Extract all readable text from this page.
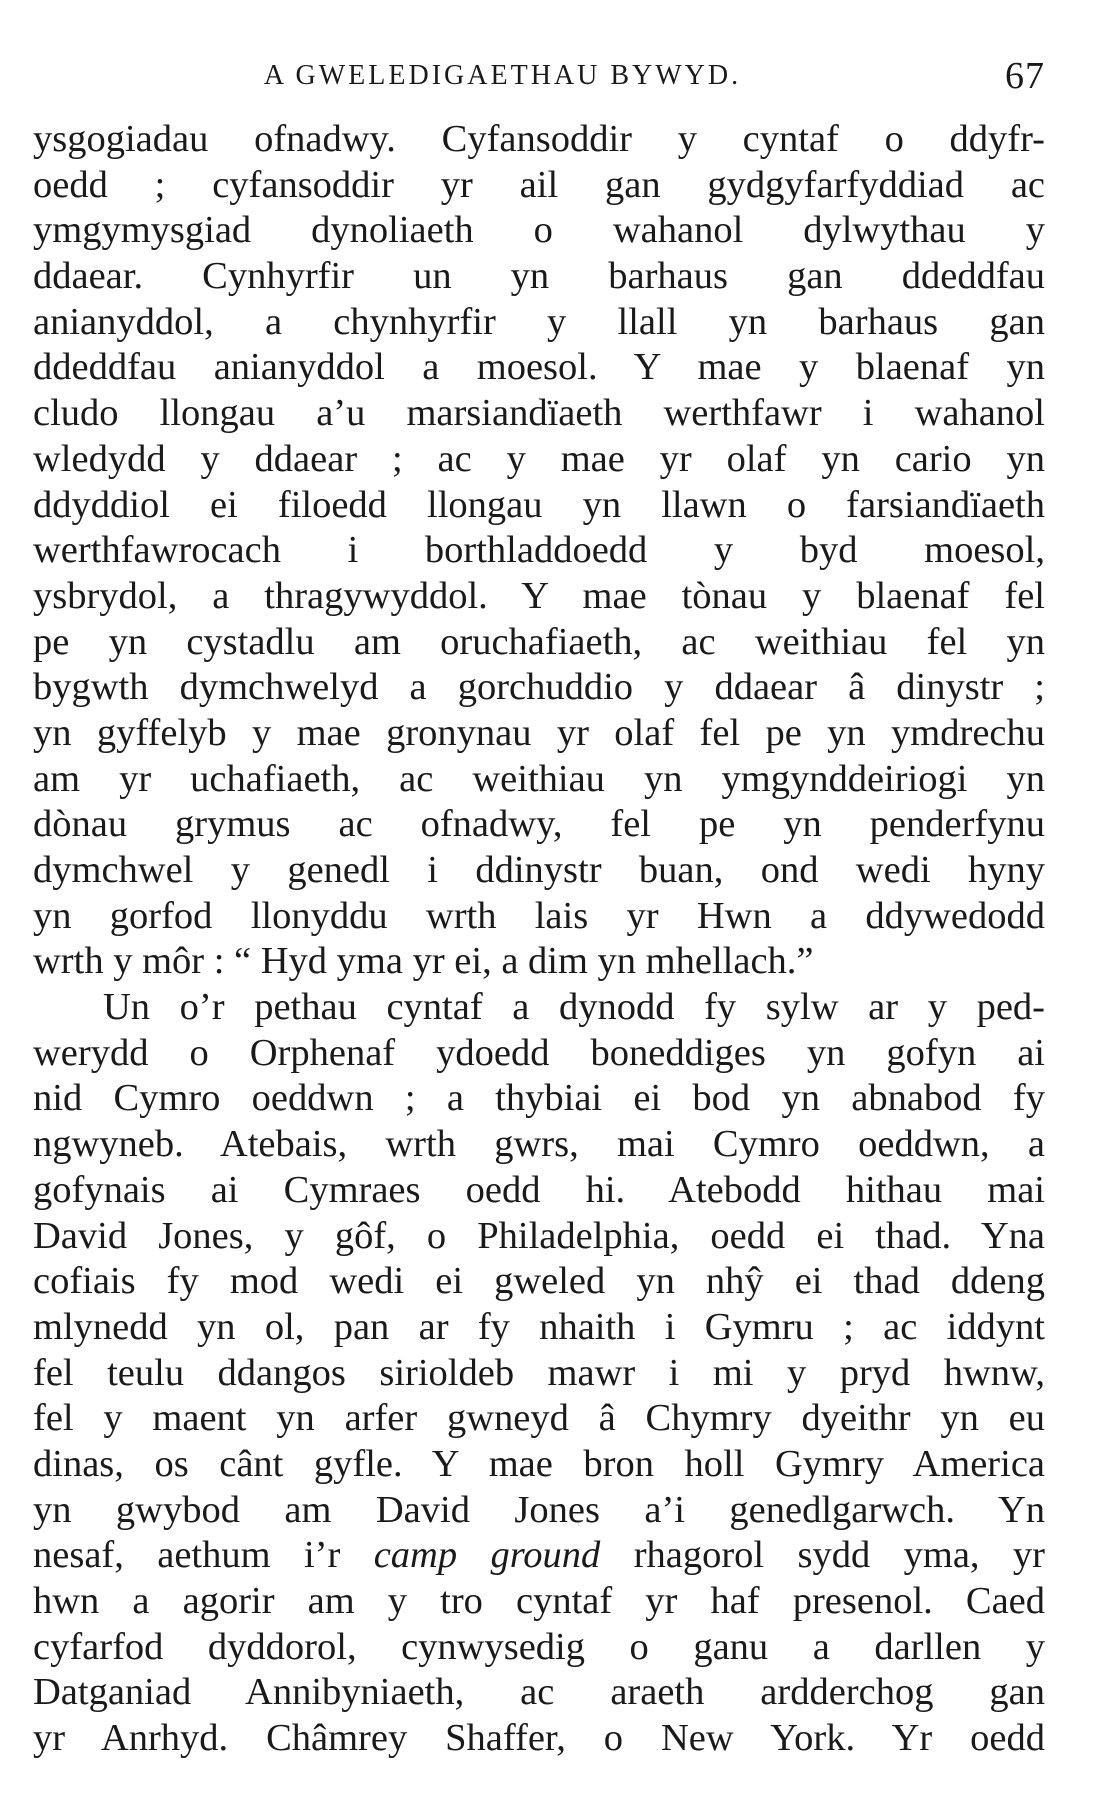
A GWELEDIGAETHAU BYWYD.	67
ysgogiadau ofnadwy. Cyfansoddir y cyntaf o ddyfr-
oedd ; cyfansoddir yr ail gan gydgyfarfyddiad ac
ymgymysgiad dynoliaeth o wahanol dylwythau y
ddaear. Cynhyrfir un yn barhaus gan ddeddfau
anianyddol, a chynhyrfir y llall yn barhaus gan
ddeddfau anianyddol a moesol. Y mae y blaenaf yn
cludo llongau a’u marsiandïaeth werthfawr i wahanol
wledydd y ddaear ; ac y mae yr olaf yn cario yn
ddyddiol ei filoedd llongau yn llawn o farsiandïaeth
werthfawrocach i borthladdoedd y byd moesol,
ysbrydol, a thragywyddol. Y mae tònau y blaenaf fel
pe yn cystadlu am oruchafiaeth, ac weithiau fel yn
bygwth dymchwelyd a gorchuddio y ddaear â dinystr ;
yn gyffelyb y mae gronynau yr olaf fel pe yn ymdrechu
am yr uchafiaeth, ac weithiau yn ymgynddeiriogi yn
dònau grymus ac ofnadwy, fel pe yn penderfynu
dymchwel y genedl i ddinystr buan, ond wedi hyny
yn gorfod llonyddu wrth lais yr Hwn a ddywedodd
wrth y môr : “ Hyd yma yr ei, a dim yn mhellach.”
Un o’r pethau cyntaf a dynodd fy sylw ar y ped-
werydd o Orphenaf ydoedd boneddiges yn gofyn ai
nid Cymro oeddwn ; a thybiai ei bod yn abnabod fy
ngwyneb. Atebais, wrth gwrs, mai Cymro oeddwn, a
gofynais ai Cymraes oedd hi. Atebodd hithau mai
David Jones, y gôf, o Philadelphia, oedd ei thad. Yna
cofiais fy mod wedi ei gweled yn nhŷ ei thad ddeng
mlynedd yn ol, pan ar fy nhaith i Gymru ; ac iddynt
fel teulu ddangos sirioldeb mawr i mi y pryd hwnw,
fel y maent yn arfer gwneyd â Chymry dyeithr yn eu
dinas, os cânt gyfle. Y mae bron holl Gymry America
yn gwybod am David Jones a’i genedlgarwch. Yn
nesaf, aethum i’r camp ground rhagorol sydd yma, yr
hwn a agorir am y tro cyntaf yr haf presenol. Caed
cyfarfod dyddorol, cynwysedig o ganu a darllen y
Datganiad Annibyniaeth, ac araeth ardderchog gan
yr Anrhyd. Châmrey Shaffer, o New York. Yr oedd
